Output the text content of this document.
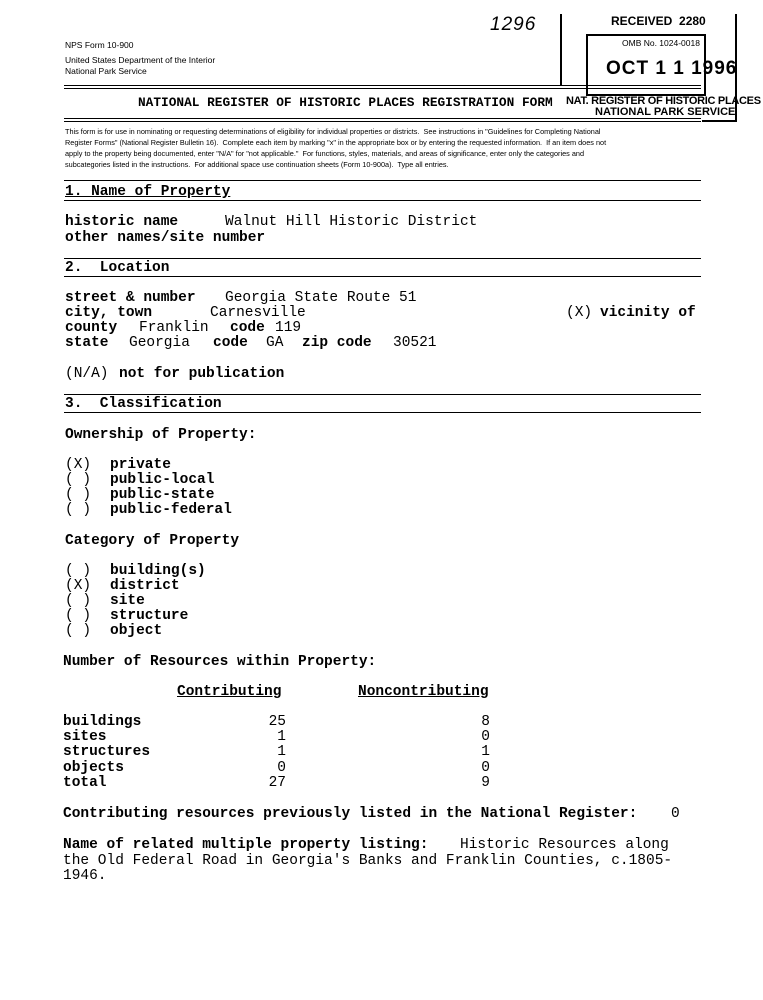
1296	RECEIVED  2280
OMB No. 1024-0018
OCT 1 1 1996
NAT. REGISTER OF HISTORIC PLACES
NATIONAL PARK SERVICE
NPS Form 10-900
United States Department of the Interior
National Park Service
NATIONAL REGISTER OF HISTORIC PLACES REGISTRATION FORM
This form is for use in nominating or requesting determinations of eligibility for individual properties or districts.  See instructions in "Guidelines for Completing National
Register Forms" (National Register Bulletin 16).  Complete each item by marking "x" in the appropriate box or by entering the requested information.  If an item does not
apply to the property being documented, enter "N/A" for "not applicable."  For functions, styles, materials, and areas of significance, enter only the categories and
subcategories listed in the instructions.  For additional space use continuation sheets (Form 10-900a).  Type all entries.
1. Name of Property
historic name	Walnut Hill Historic District
other names/site number
2.  Location
street & number Georgia State Route 51
city, town	Carnesville	(X) vicinity of
county Franklin code 119
state Georgia code GA zip code 30521
(N/A) not for publication
3.  Classification
Ownership of Property:
(X) private
( ) public-local
( ) public-state
( ) public-federal
Category of Property
( ) building(s)
(X) district
( ) site
( ) structure
( ) object
Number of Resources within Property:
Contributing	Noncontributing
buildings	25	8
sites	1	0
structures	1	1
objects	0	0
total	27	9
Contributing resources previously listed in the National Register: 0
Name of related multiple property listing: Historic Resources along
the Old Federal Road in Georgia's Banks and Franklin Counties, c.1805-
1946.
